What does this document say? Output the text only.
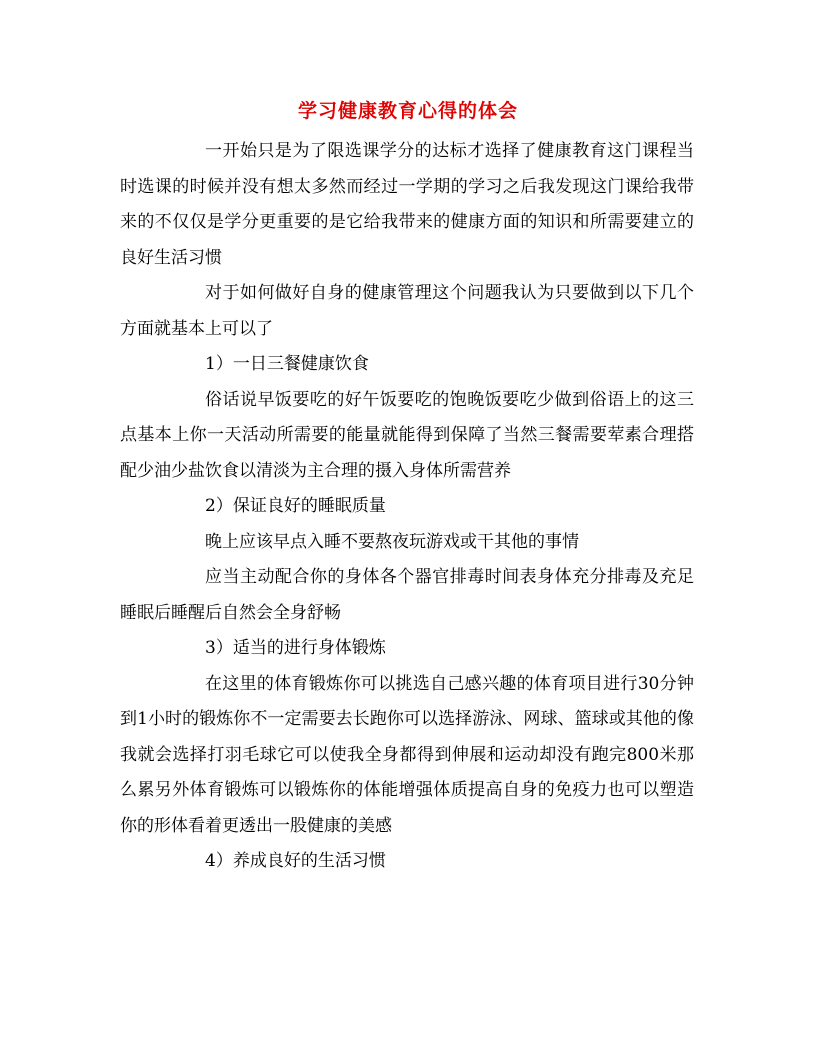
学习健康教育心得的体会

一开始只是为了限选课学分的达标才选择了健康教育这门课程当时选课的时候并没有想太多然而经过一学期的学习之后我发现这门课给我带来的不仅仅是学分更重要的是它给我带来的健康方面的知识和所需要建立的良好生活习惯

对于如何做好自身的健康管理这个问题我认为只要做到以下几个方面就基本上可以了

1）一日三餐健康饮食

俗话说早饭要吃的好午饭要吃的饱晚饭要吃少做到俗语上的这三点基本上你一天活动所需要的能量就能得到保障了当然三餐需要荤素合理搭配少油少盐饮食以清淡为主合理的摄入身体所需营养

2）保证良好的睡眠质量

晚上应该早点入睡不要熬夜玩游戏或干其他的事情

应当主动配合你的身体各个器官排毒时间表身体充分排毒及充足睡眠后睡醒后自然会全身舒畅

3）适当的进行身体锻炼

在这里的体育锻炼你可以挑选自己感兴趣的体育项目进行30分钟到1小时的锻炼你不一定需要去长跑你可以选择游泳、网球、篮球或其他的像我就会选择打羽毛球它可以使我全身都得到伸展和运动却没有跑完800米那么累另外体育锻炼可以锻炼你的体能增强体质提高自身的免疫力也可以塑造你的形体看着更透出一股健康的美感

4）养成良好的生活习惯
